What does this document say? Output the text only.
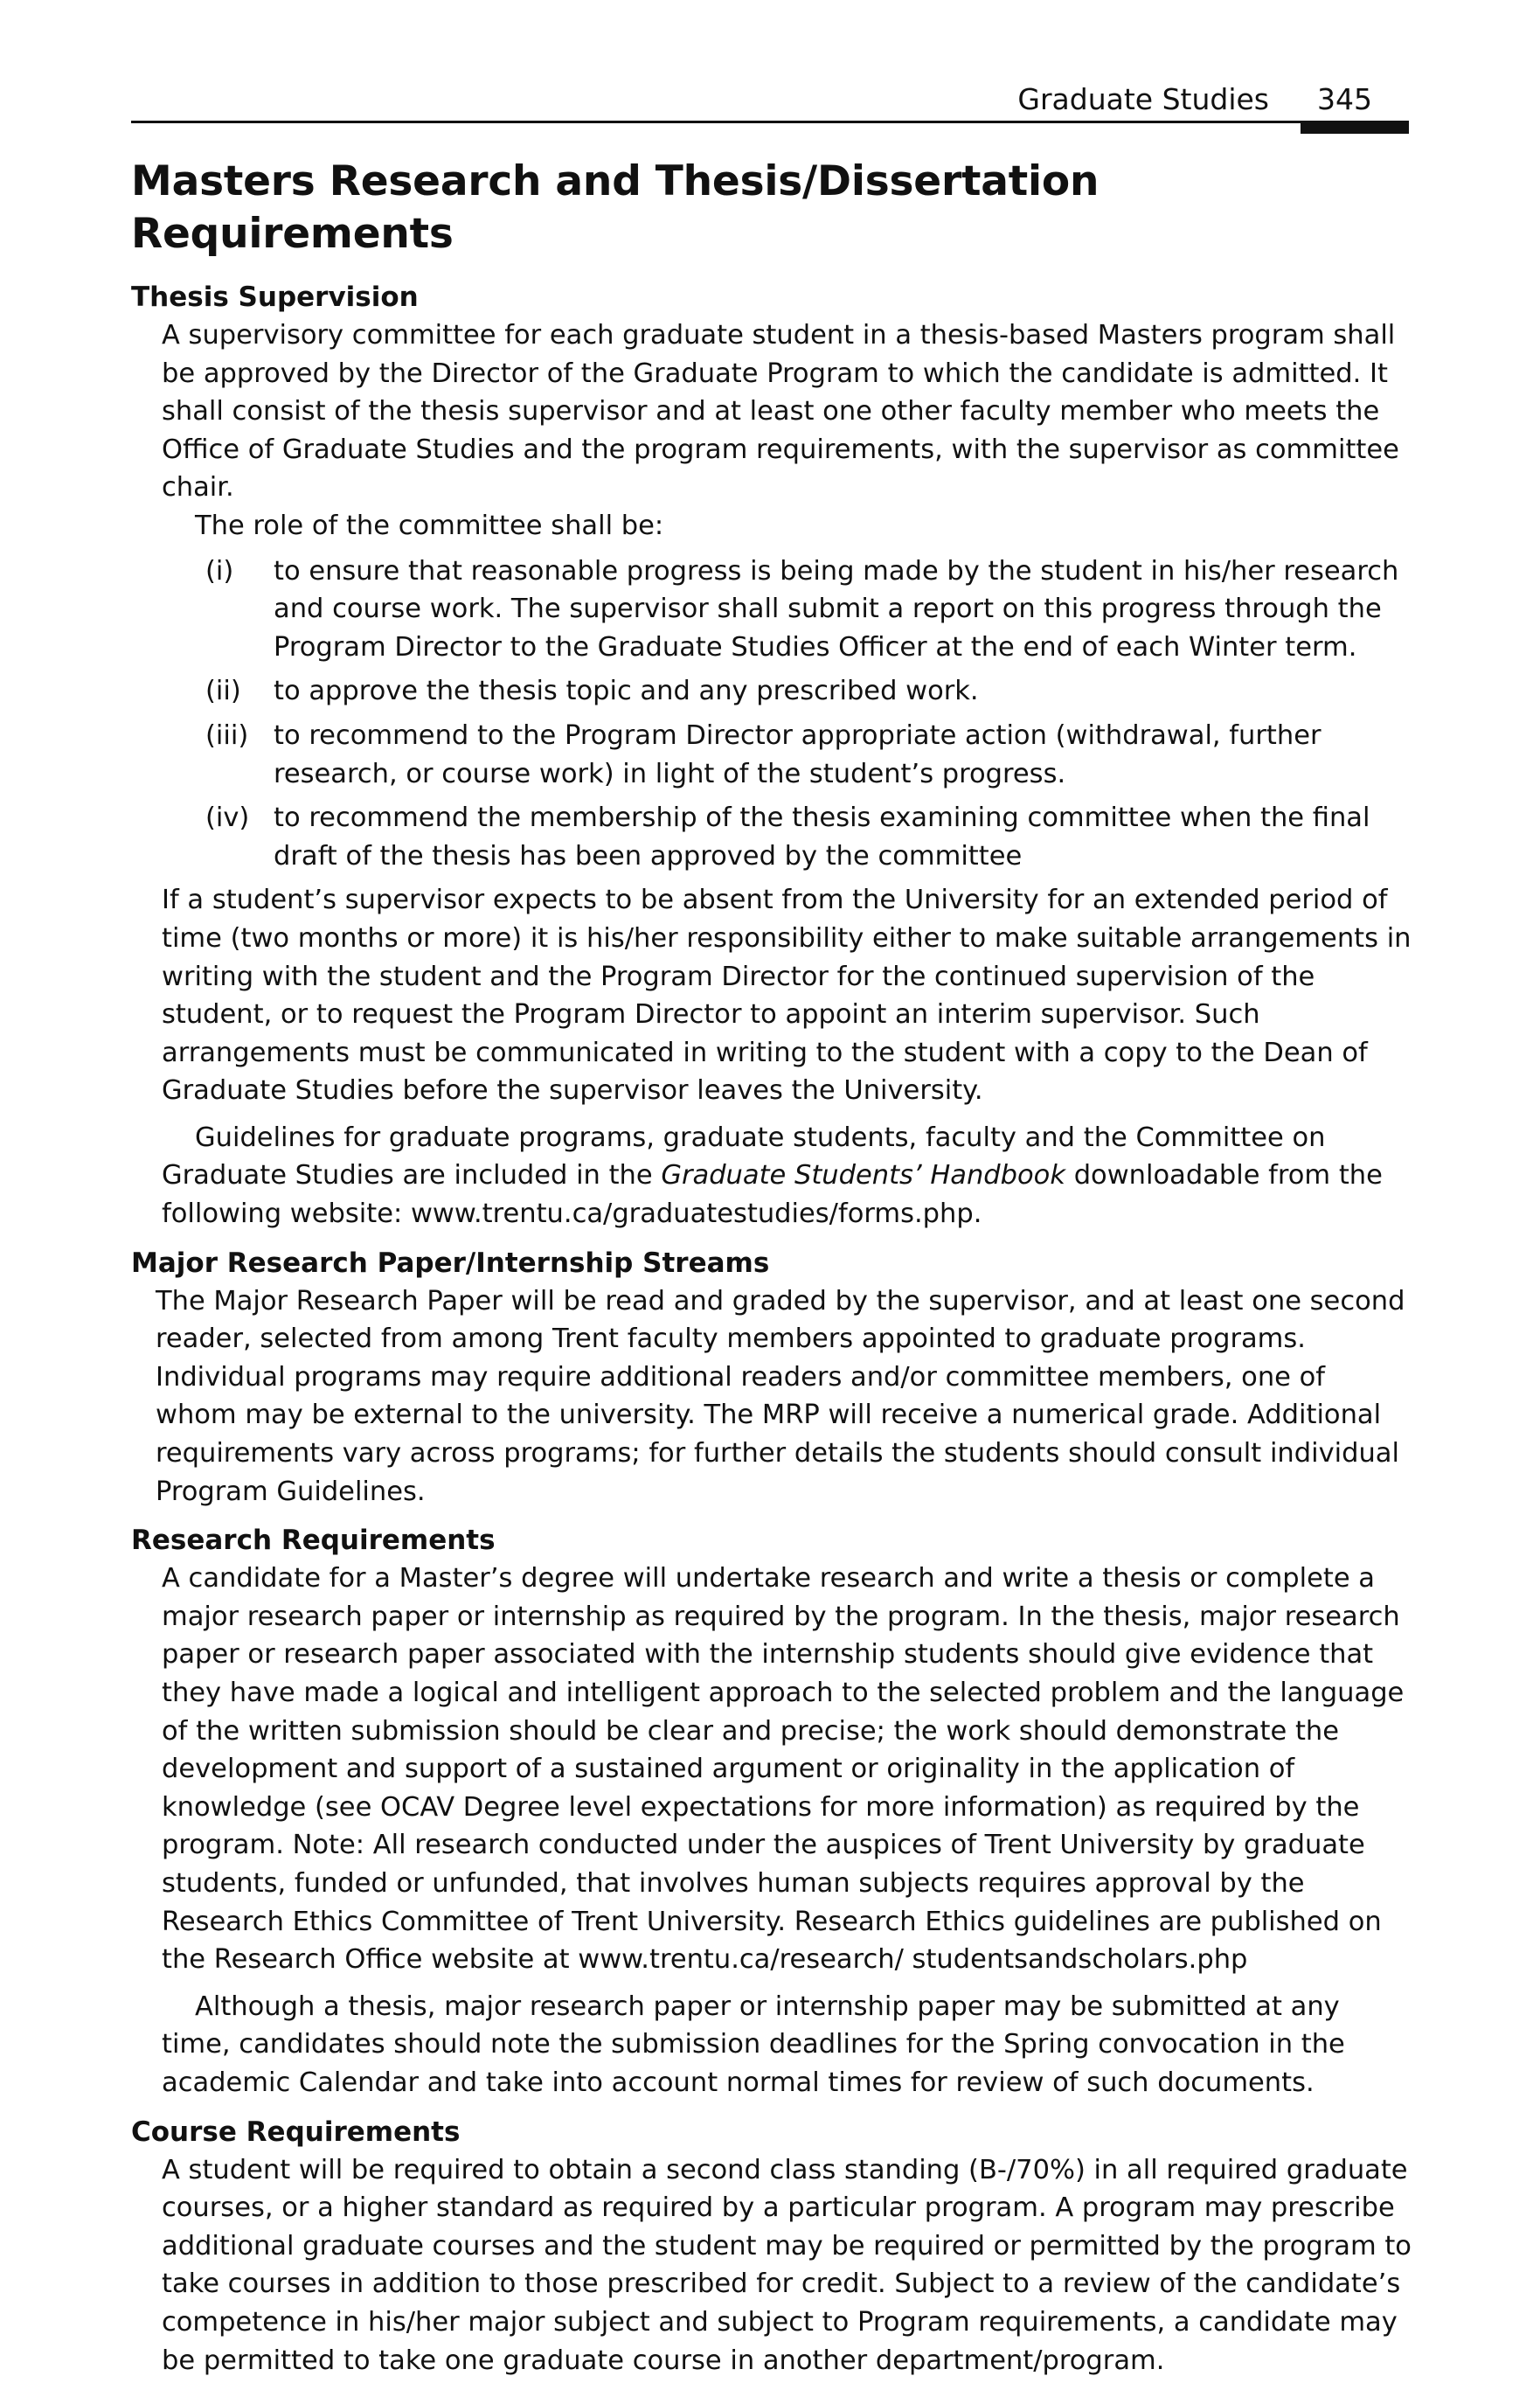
Graduate Studies 345
Masters Research and Thesis/Dissertation Requirements
Thesis Supervision

A supervisory committee for each graduate student in a thesis-based Masters program shall be approved by the Director of the Graduate Program to which the candidate is admitted. It shall consist of the thesis supervisor and at least one other faculty member who meets the Office of Graduate Studies and the program requirements, with the supervisor as committee chair.

The role of the committee shall be:

(i) to ensure that reasonable progress is being made by the student in his/her research and course work. The supervisor shall submit a report on this progress through the Program Director to the Graduate Studies Officer at the end of each Winter term.
(ii) to approve the thesis topic and any prescribed work.
(iii) to recommend to the Program Director appropriate action (withdrawal, further research, or course work) in light of the student’s progress.
(iv) to recommend the membership of the thesis examining committee when the final draft of the thesis has been approved by the committee

If a student’s supervisor expects to be absent from the University for an extended period of time (two months or more) it is his/her responsibility either to make suitable arrangements in writing with the student and the Program Director for the continued supervision of the student, or to request the Program Director to appoint an interim supervisor. Such arrangements must be communicated in writing to the student with a copy to the Dean of Graduate Studies before the supervisor leaves the University.

Guidelines for graduate programs, graduate students, faculty and the Committee on Graduate Studies are included in the Graduate Students’ Handbook downloadable from the following website: www.trentu.ca/graduatestudies/forms.php.

Major Research Paper/Internship Streams

The Major Research Paper will be read and graded by the supervisor, and at least one second reader, selected from among Trent faculty members appointed to graduate programs. Individual programs may require additional readers and/or committee members, one of whom may be external to the university. The MRP will receive a numerical grade. Additional requirements vary across programs; for further details the students should consult individual Program Guidelines.

Research Requirements

A candidate for a Master’s degree will undertake research and write a thesis or complete a major research paper or internship as required by the program. In the thesis, major research paper or research paper associated with the internship students should give evidence that they have made a logical and intelligent approach to the selected problem and the language of the written submission should be clear and precise; the work should demonstrate the development and support of a sustained argument or originality in the application of knowledge (see OCAV Degree level expectations for more information) as required by the program. Note: All research conducted under the auspices of Trent University by graduate students, funded or unfunded, that involves human subjects requires approval by the Research Ethics Committee of Trent University. Research Ethics guidelines are published on the Research Office website at www.trentu.ca/research/ studentsandscholars.php

Although a thesis, major research paper or internship paper may be submitted at any time, candidates should note the submission deadlines for the Spring convocation in the academic Calendar and take into account normal times for review of such documents.

Course Requirements

A student will be required to obtain a second class standing (B-/70%) in all required graduate courses, or a higher standard as required by a particular program. A program may prescribe additional graduate courses and the student may be required or permitted by the program to take courses in addition to those prescribed for credit. Subject to a review of the candidate’s competence in his/her major subject and subject to Program requirements, a candidate may be permitted to take one graduate course in another department/program.
